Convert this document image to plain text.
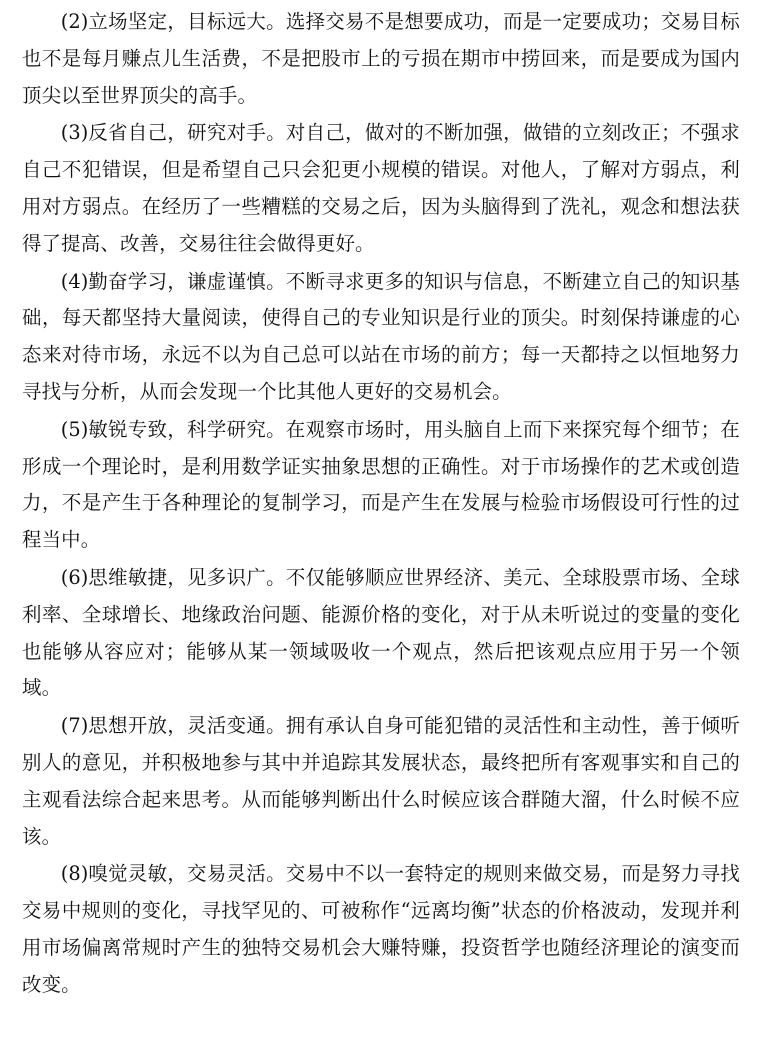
(2)立场坚定，目标远大。选择交易不是想要成功，而是一定要成功；交易目标也不是每月赚点儿生活费，不是把股市上的亏损在期市中捞回来，而是要成为国内顶尖以至世界顶尖的高手。

(3)反省自己，研究对手。对自己，做对的不断加强，做错的立刻改正；不强求自己不犯错误，但是希望自己只会犯更小规模的错误。对他人，了解对方弱点，利用对方弱点。在经历了一些糟糕的交易之后，因为头脑得到了洗礼，观念和想法获得了提高、改善，交易往往会做得更好。

(4)勤奋学习，谦虚谨慎。不断寻求更多的知识与信息，不断建立自己的知识基础，每天都坚持大量阅读，使得自己的专业知识是行业的顶尖。时刻保持谦虚的心态来对待市场，永远不以为自己总可以站在市场的前方；每一天都持之以恒地努力寻找与分析，从而会发现一个比其他人更好的交易机会。

(5)敏锐专致，科学研究。在观察市场时，用头脑自上而下来探究每个细节；在形成一个理论时，是利用数学证实抽象思想的正确性。对于市场操作的艺术或创造力，不是产生于各种理论的复制学习，而是产生在发展与检验市场假设可行性的过程当中。

(6)思维敏捷，见多识广。不仅能够顺应世界经济、美元、全球股票市场、全球利率、全球增长、地缘政治问题、能源价格的变化，对于从未听说过的变量的变化也能够从容应对；能够从某一领域吸收一个观点，然后把该观点应用于另一个领域。

(7)思想开放，灵活变通。拥有承认自身可能犯错的灵活性和主动性，善于倾听别人的意见，并积极地参与其中并追踪其发展状态，最终把所有客观事实和自己的主观看法综合起来思考。从而能够判断出什么时候应该合群随大溜，什么时候不应该。

(8)嗅觉灵敏，交易灵活。交易中不以一套特定的规则来做交易，而是努力寻找交易中规则的变化，寻找罕见的、可被称作“远离均衡”状态的价格波动，发现并利用市场偏离常规时产生的独特交易机会大赚特赚，投资哲学也随经济理论的演变而改变。
